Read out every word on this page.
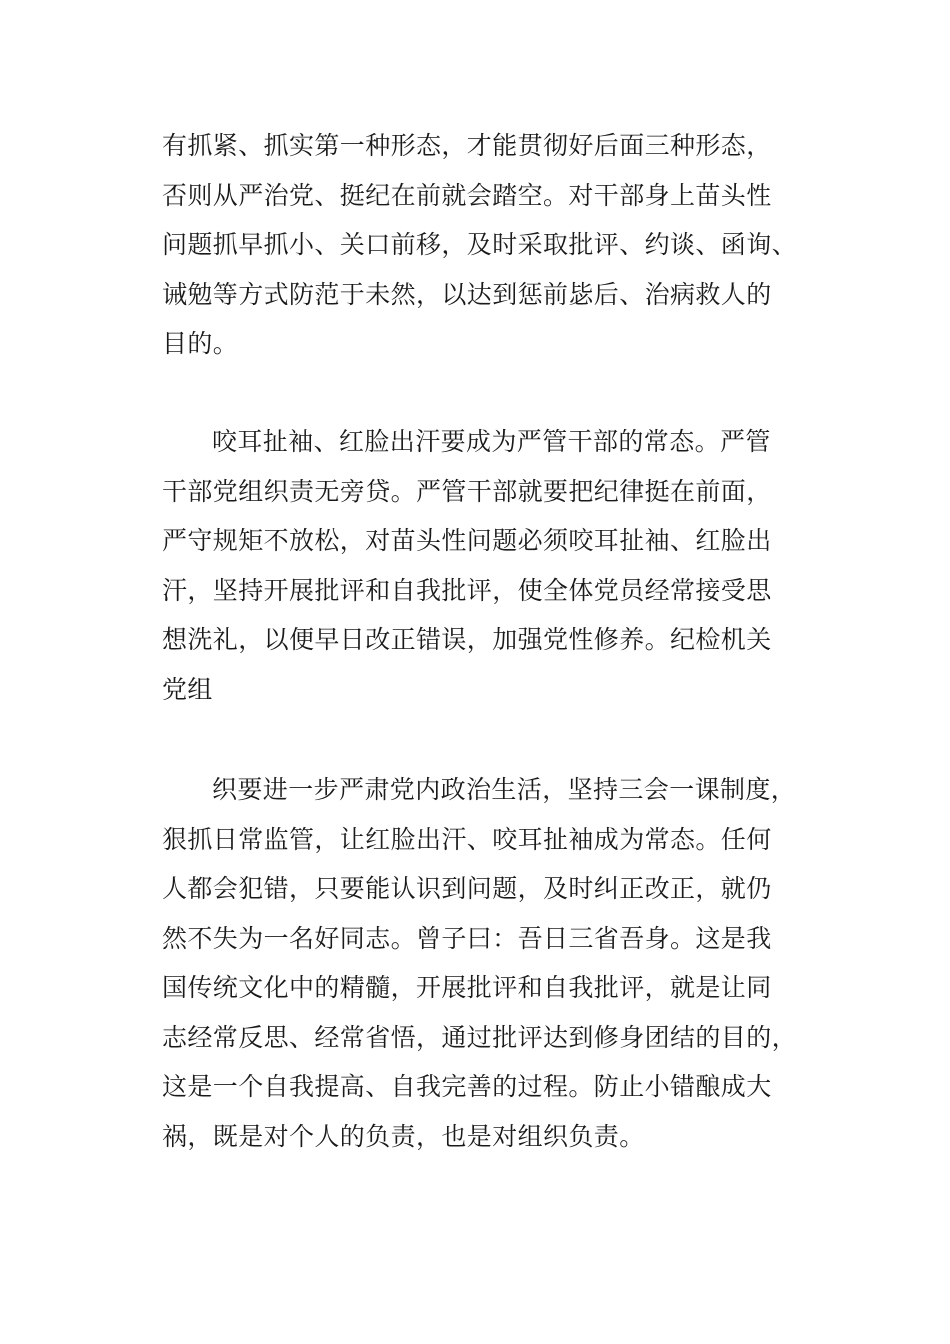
有抓紧、抓实第一种形态，才能贯彻好后面三种形态，
否则从严治党、挺纪在前就会踏空。对干部身上苗头性
问题抓早抓小、关口前移，及时采取批评、约谈、函询、
诫勉等方式防范于未然，以达到惩前毖后、治病救人的
目的。

咬耳扯袖、红脸出汗要成为严管干部的常态。严管
干部党组织责无旁贷。严管干部就要把纪律挺在前面，
严守规矩不放松，对苗头性问题必须咬耳扯袖、红脸出
汗，坚持开展批评和自我批评，使全体党员经常接受思
想洗礼，以便早日改正错误，加强党性修养。纪检机关
党组

织要进一步严肃党内政治生活，坚持三会一课制度，
狠抓日常监管，让红脸出汗、咬耳扯袖成为常态。任何
人都会犯错，只要能认识到问题，及时纠正改正，就仍
然不失为一名好同志。曾子曰：吾日三省吾身。这是我
国传统文化中的精髓，开展批评和自我批评，就是让同
志经常反思、经常省悟，通过批评达到修身团结的目的，
这是一个自我提高、自我完善的过程。防止小错酿成大
祸，既是对个人的负责，也是对组织负责。
